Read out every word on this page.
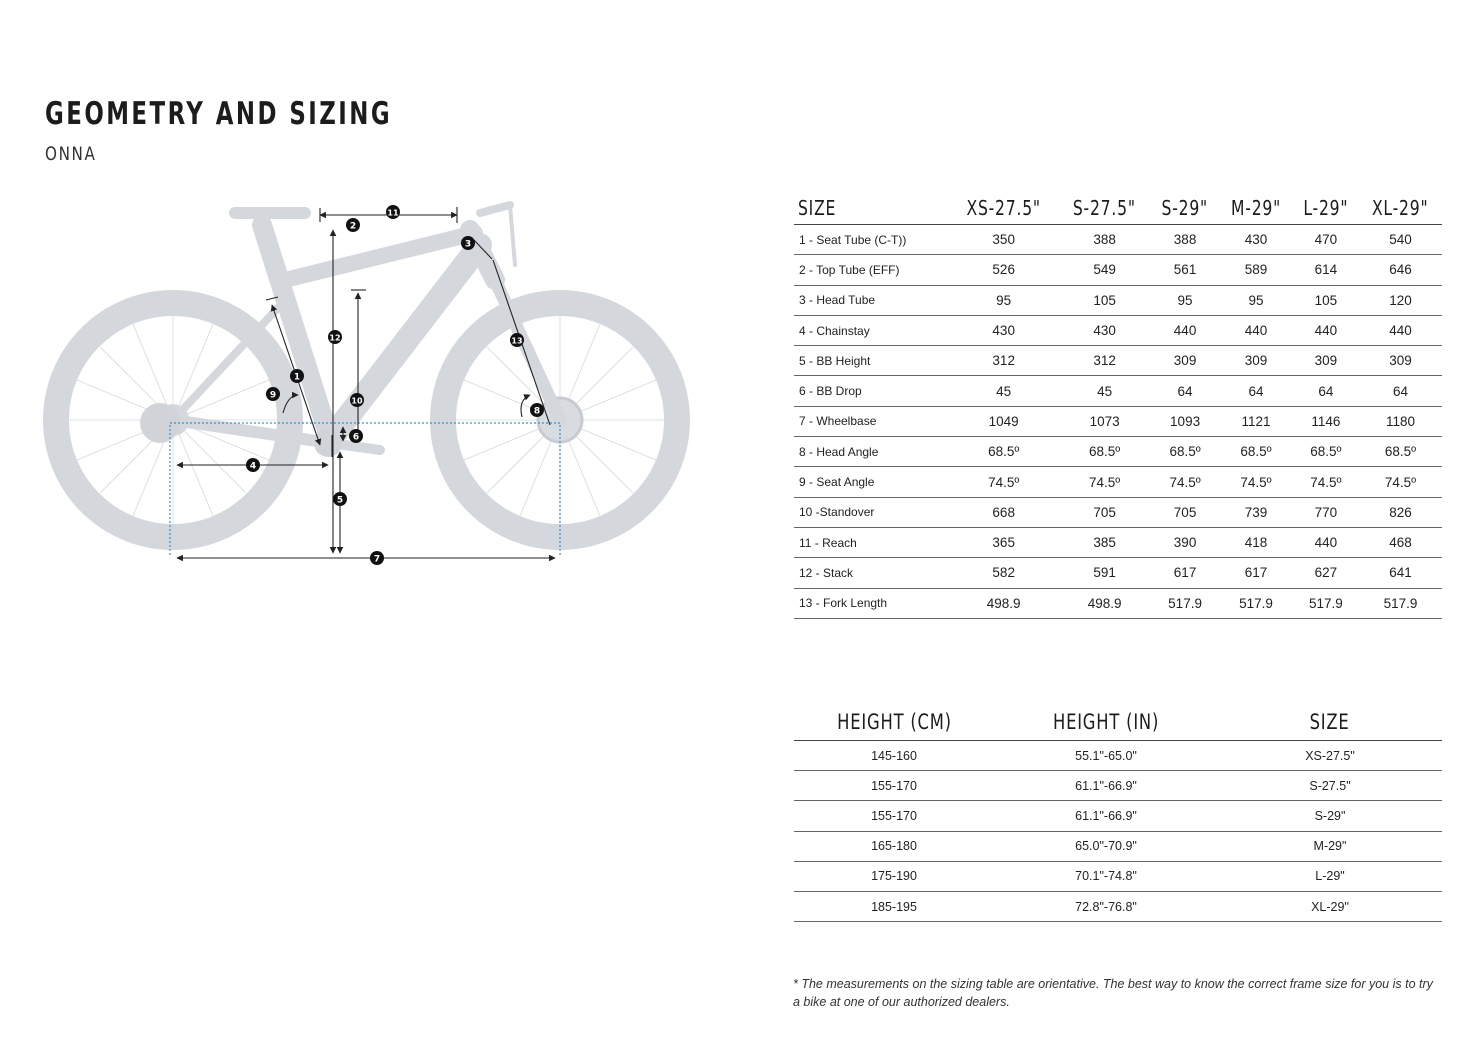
GEOMETRY AND SIZING
ONNA
11
2
3
12	13
1
9
10
8
6
4
5
7
SIZE	XS-27.5"	S-27.5"	S-29"	M-29"	L-29"	XL-29"
1 - Seat Tube (C-T))	350	388	388	430	470	540
2 - Top Tube (EFF)	526	549	561	589	614	646
3 - Head Tube	95	105	95	95	105	120
4 - Chainstay	430	430	440	440	440	440
5 - BB Height	312	312	309	309	309	309
6 - BB Drop	45	45	64	64	64	64
7 - Wheelbase	1049	1073	1093	1121	1146	1180
8 - Head Angle	68.5º	68.5º	68.5º	68.5º	68.5º	68.5º
9 - Seat Angle	74.5º	74.5º	74.5º	74.5º	74.5º	74.5º
10 -Standover	668	705	705	739	770	826
11 - Reach	365	385	390	418	440	468
12 - Stack	582	591	617	617	627	641
13 - Fork Length	498.9	498.9	517.9	517.9	517.9	517.9
HEIGHT (CM)	HEIGHT (IN)	SIZE
145-160	55.1"-65.0"	XS-27.5"
155-170	61.1"-66.9"	S-27.5"
155-170	61.1"-66.9"	S-29"
165-180	65.0"-70.9"	M-29"
175-190	70.1"-74.8"	L-29"
185-195	72.8"-76.8"	XL-29"
* The measurements on the sizing table are orientative. The best way to know the correct frame size for you is to try a bike at one of our authorized dealers.
